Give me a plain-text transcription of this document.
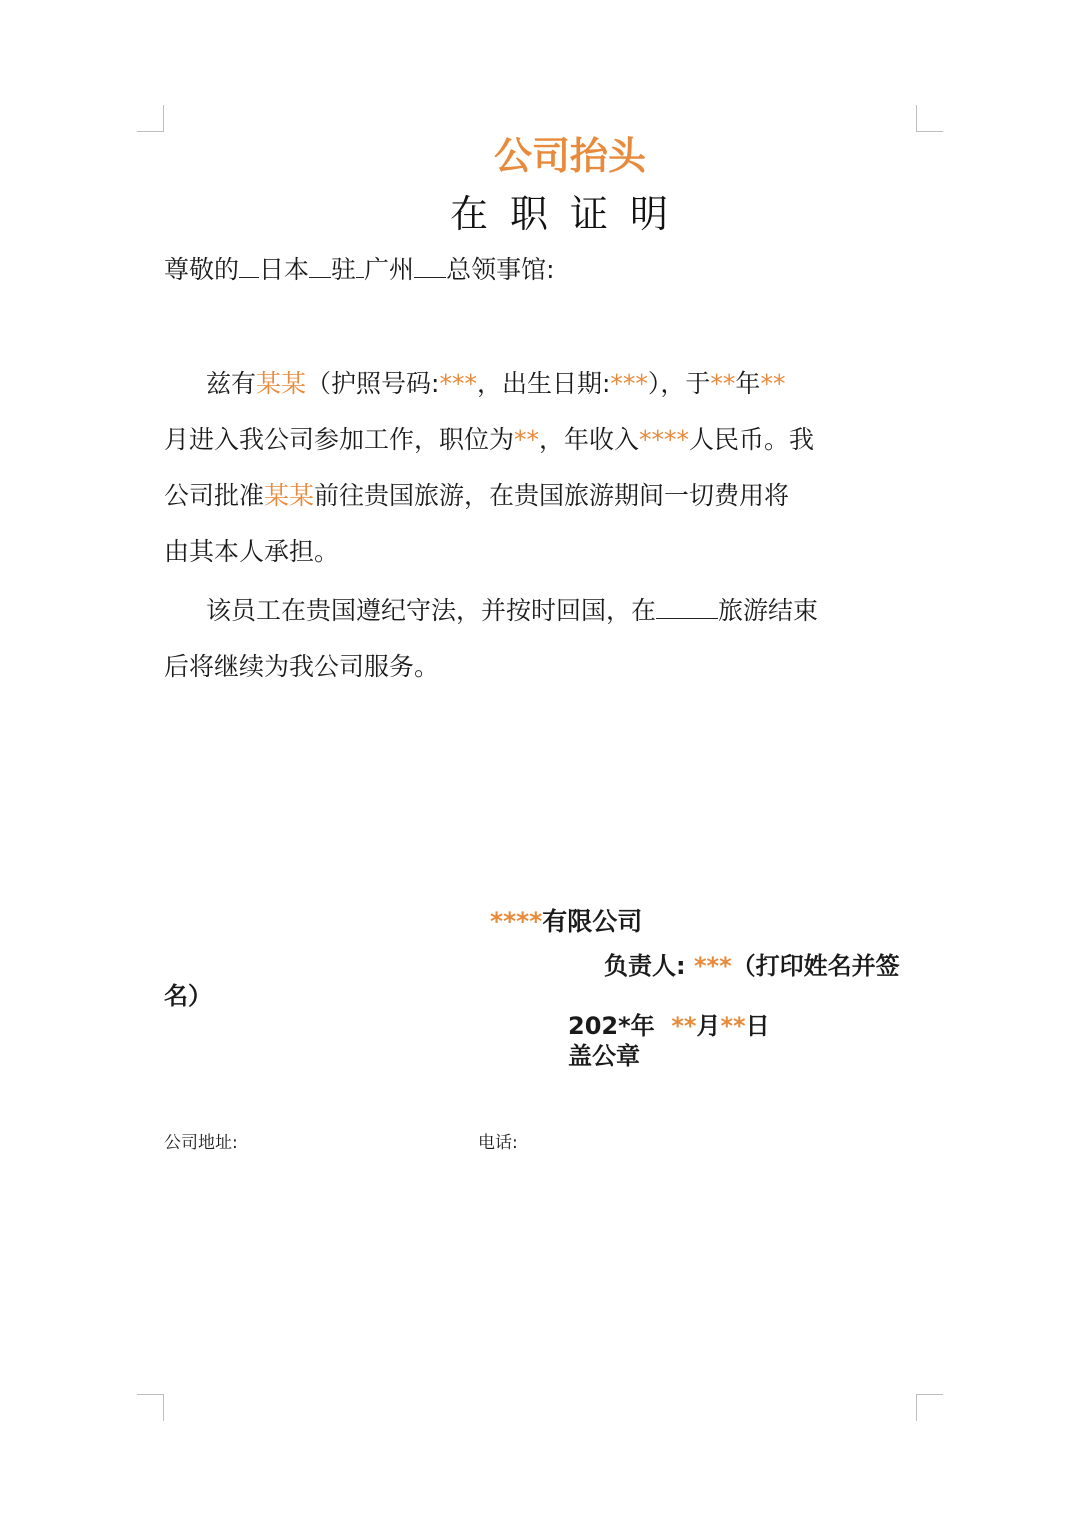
公司抬头
在职证明
尊敬的 日本 驻 广州 总领事馆:
兹有某某（护照号码:***，出生日期:***），于**年**
月进入我公司参加工作，职位为**，年收入****人民币。我
公司批准某某前往贵国旅游，在贵国旅游期间一切费用将
由其本人承担。
该员工在贵国遵纪守法，并按时回国，在 旅游结束
后将继续为我公司服务。
****有限公司
负责人: ***（打印姓名并签
名）
202*年 **月**日
盖公章
公司地址:	电话:
